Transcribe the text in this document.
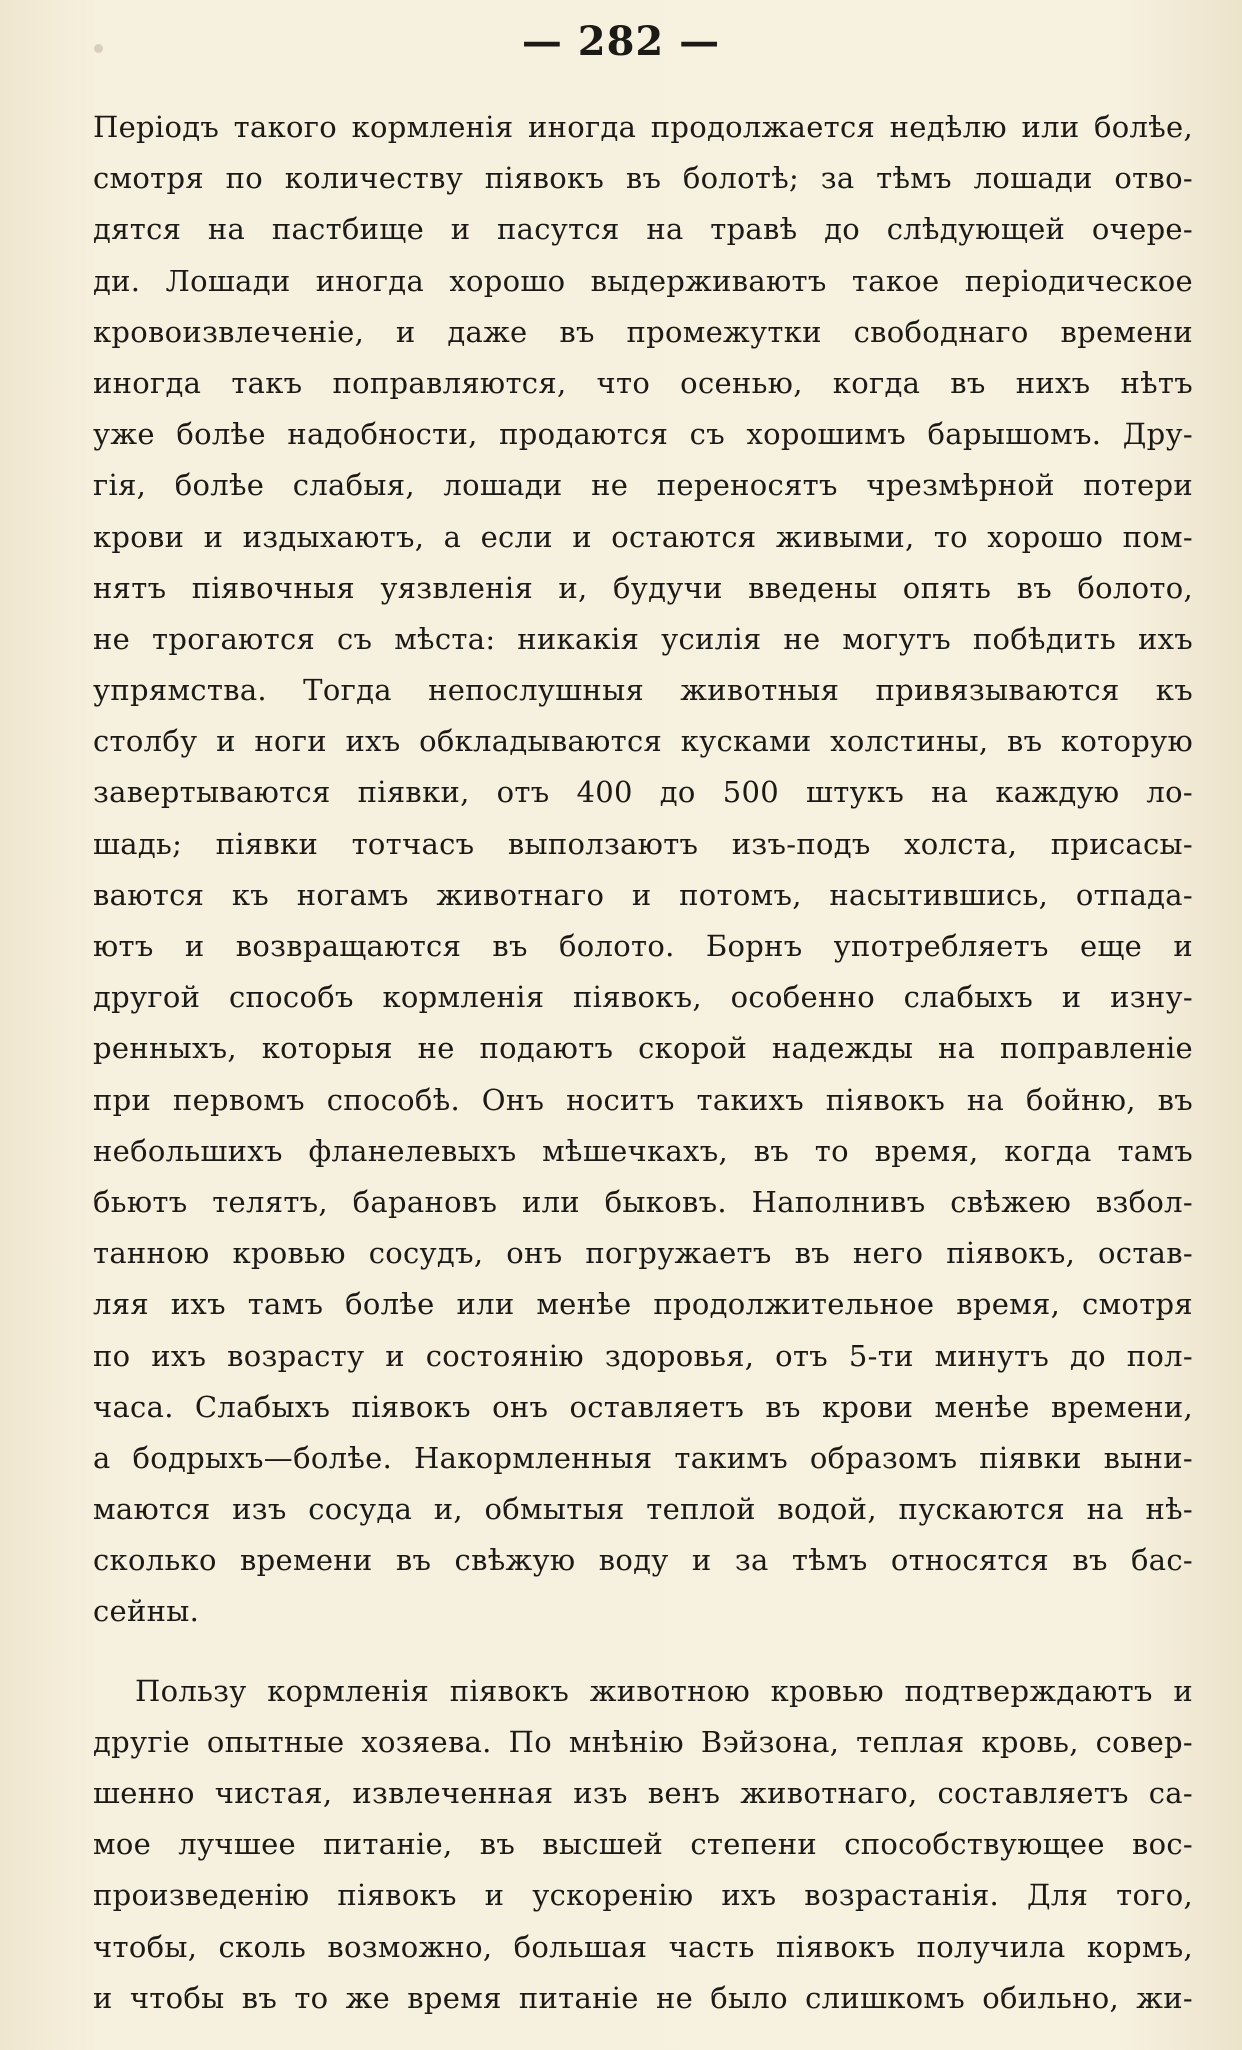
— 282 —
Періодъ такого кормленія иногда продолжается недѣлю или болѣе,
смотря по количеству піявокъ въ болотѣ; за тѣмъ лошади отво-
дятся на пастбище и пасутся на травѣ до слѣдующей очере-
ди. Лошади иногда хорошо выдерживаютъ такое періодическое
кровоизвлеченіе, и даже въ промежутки свободнаго времени
иногда такъ поправляются, что осенью, когда въ нихъ нѣтъ
уже болѣе надобности, продаются съ хорошимъ барышомъ. Дру-
гія, болѣе слабыя, лошади не переносятъ чрезмѣрной потери
крови и издыхаютъ, а если и остаются живыми, то хорошо пом-
нятъ піявочныя уязвленія и, будучи введены опять въ болото,
не трогаются съ мѣста: никакія усилія не могутъ побѣдить ихъ
упрямства. Тогда непослушныя животныя привязываются къ
столбу и ноги ихъ обкладываются кусками холстины, въ которую
завертываются піявки, отъ 400 до 500 штукъ на каждую ло-
шадь; піявки тотчасъ выползаютъ изъ-подъ холста, присасы-
ваются къ ногамъ животнаго и потомъ, насытившись, отпада-
ютъ и возвращаются въ болото. Борнъ употребляетъ еще и
другой способъ кормленія піявокъ, особенно слабыхъ и изну-
ренныхъ, которыя не подаютъ скорой надежды на поправленіе
при первомъ способѣ. Онъ носитъ такихъ піявокъ на бойню, въ
небольшихъ фланелевыхъ мѣшечкахъ, въ то время, когда тамъ
бьютъ телятъ, барановъ или быковъ. Наполнивъ свѣжею взбол-
танною кровью сосудъ, онъ погружаетъ въ него піявокъ, остав-
ляя ихъ тамъ болѣе или менѣе продолжительное время, смотря
по ихъ возрасту и состоянію здоровья, отъ 5-ти минутъ до пол-
часа. Слабыхъ піявокъ онъ оставляетъ въ крови менѣе времени,
а бодрыхъ—болѣе. Накормленныя такимъ образомъ піявки выни-
маются изъ сосуда и, обмытыя теплой водой, пускаются на нѣ-
сколько времени въ свѣжую воду и за тѣмъ относятся въ бас-
сейны.
Пользу кормленія піявокъ животною кровью подтверждаютъ и
другіе опытные хозяева. По мнѣнію Вэйзона, теплая кровь, совер-
шенно чистая, извлеченная изъ венъ животнаго, составляетъ са-
мое лучшее питаніе, въ высшей степени способствующее вос-
произведенію піявокъ и ускоренію ихъ возрастанія. Для того,
чтобы, сколь возможно, большая часть піявокъ получила кормъ,
и чтобы въ то же время питаніе не было слишкомъ обильно, жи-
